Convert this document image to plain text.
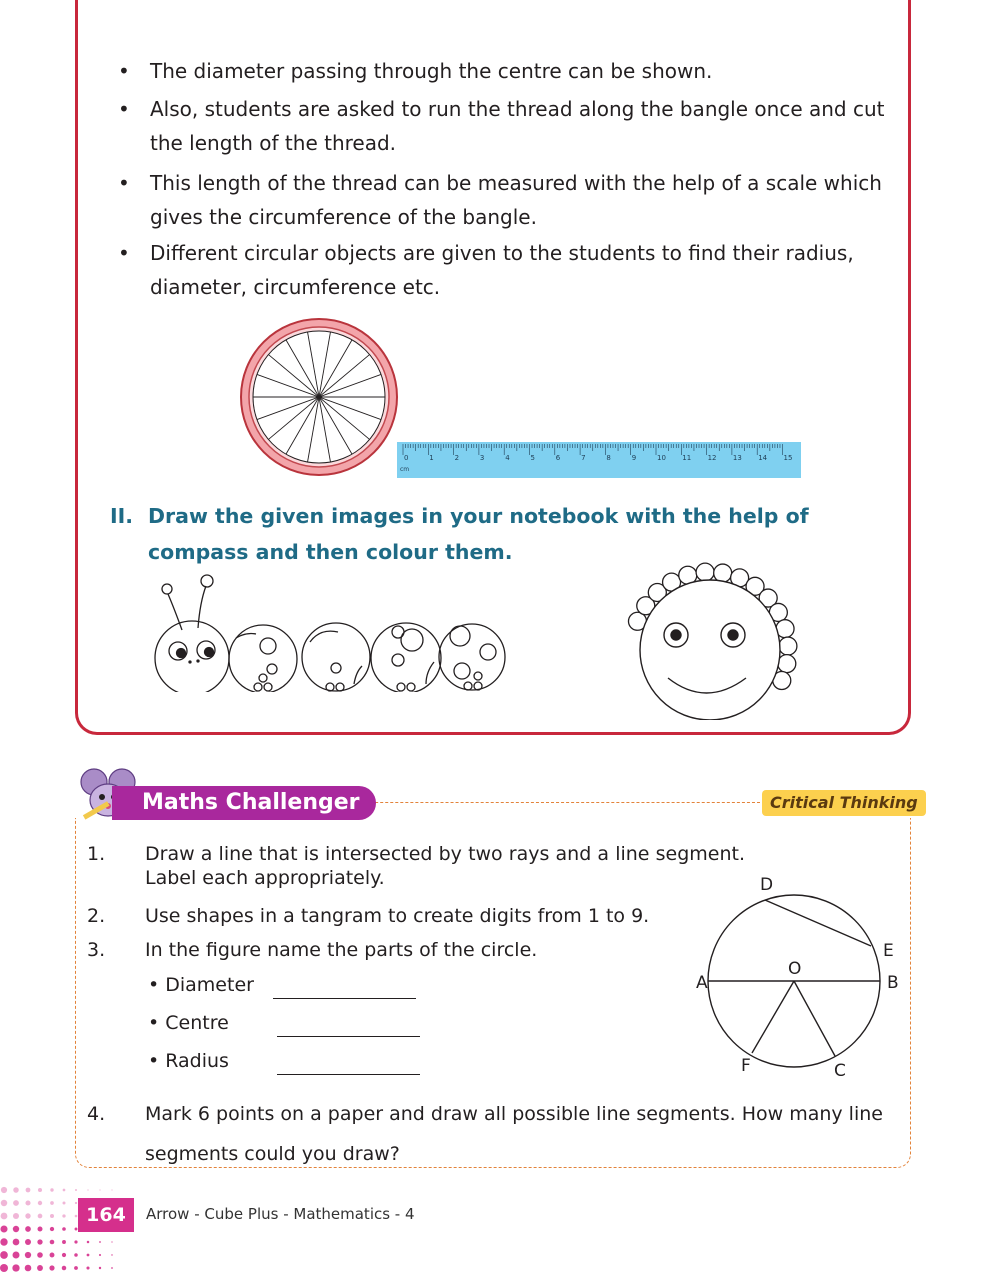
• The diameter passing through the centre can be shown.
• Also, students are asked to run the thread along the bangle once and cut the length of the thread.
• This length of the thread can be measured with the help of a scale which gives the circumference of the bangle.
• Different circular objects are given to the students to find their radius, diameter, circumference etc.
0	1	2	3	4	5	6	7	8	9	10 11 12 13 14 15
cm
II. Draw the given images in your notebook with the help of compass and then colour them.
Maths Challenger	Critical Thinking
1. Draw a line that is intersected by two rays and a line segment. Label each appropriately.
2. Use shapes in a tangram to create digits from 1 to 9.
3. In the figure name the parts of the circle.
• Diameter
• Centre
• Radius
4. Mark 6 points on a paper and draw all possible line segments. How many line segments could you draw?
D
E
A	B
O
F	C
164	Arrow - Cube Plus - Mathematics - 4
